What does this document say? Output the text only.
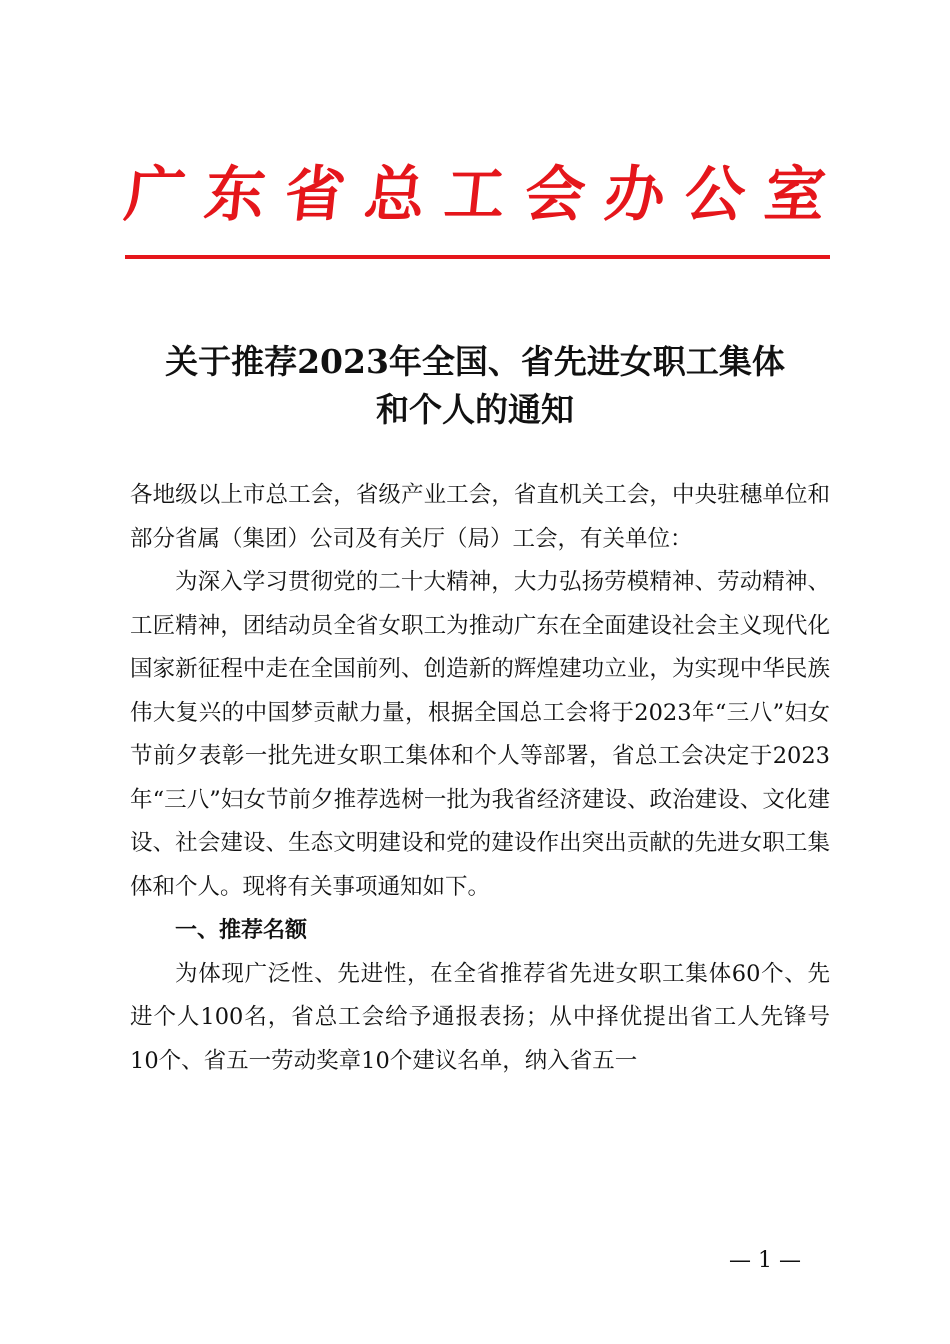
广 东 省 总 工 会 办 公 室
关于推荐2023年全国、省先进女职工集体
和个人的通知

各地级以上市总工会，省级产业工会，省直机关工会，中央驻穗单位和部分省属（集团）公司及有关厅（局）工会，有关单位：

为深入学习贯彻党的二十大精神，大力弘扬劳模精神、劳动精神、工匠精神，团结动员全省女职工为推动广东在全面建设社会主义现代化国家新征程中走在全国前列、创造新的辉煌建功立业，为实现中华民族伟大复兴的中国梦贡献力量，根据全国总工会将于2023年“三八”妇女节前夕表彰一批先进女职工集体和个人等部署，省总工会决定于2023年“三八”妇女节前夕推荐选树一批为我省经济建设、政治建设、文化建设、社会建设、生态文明建设和党的建设作出突出贡献的先进女职工集体和个人。现将有关事项通知如下。

一、推荐名额

为体现广泛性、先进性，在全省推荐省先进女职工集体60个、先进个人100名，省总工会给予通报表扬；从中择优提出省工人先锋号10个、省五一劳动奖章10个建议名单，纳入省五一

— 1 —
